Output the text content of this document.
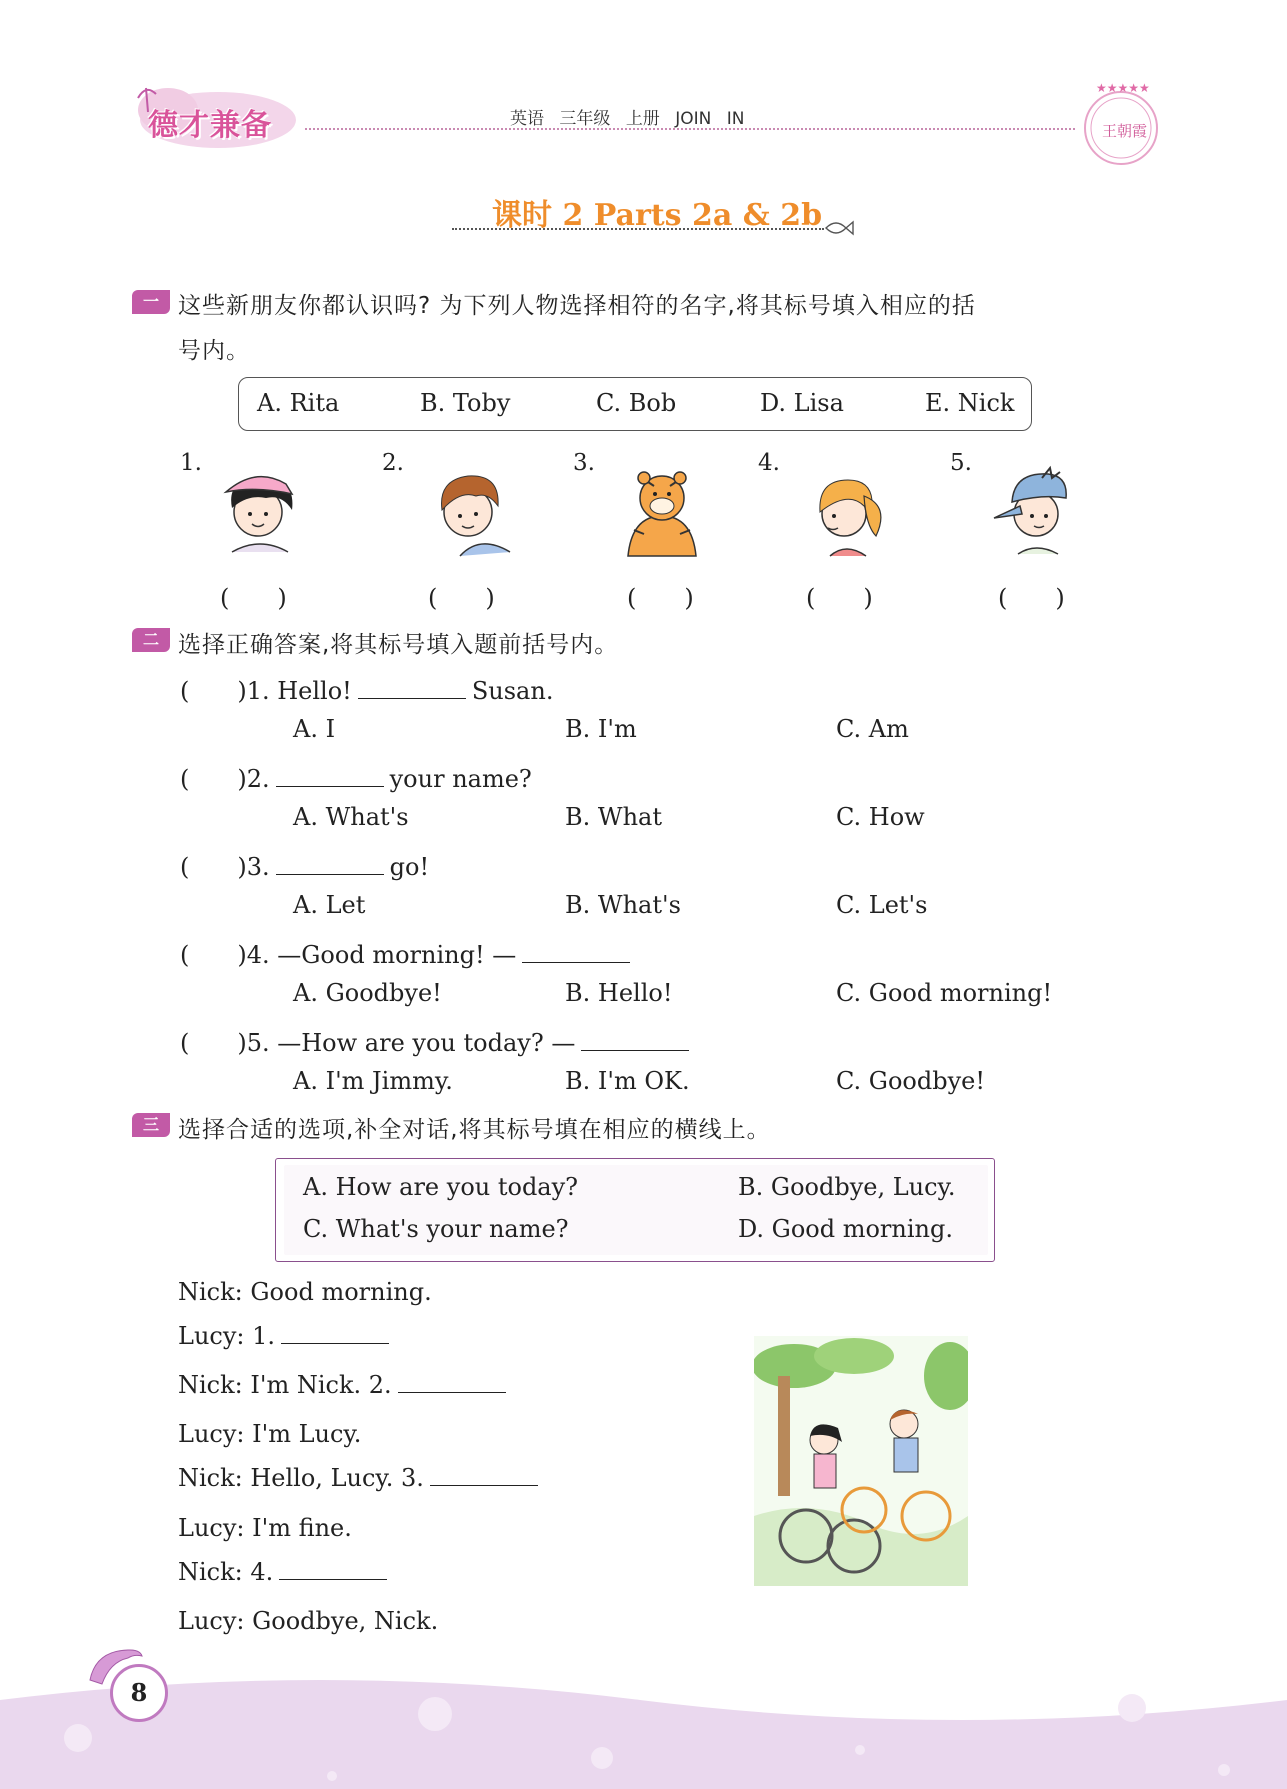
德才兼备	英语 三年级 上册 JOIN IN
★★★★★
王朝霞
课时 2 Parts 2a & 2b
一 这些新朋友你都认识吗? 为下列人物选择相符的名字,将其标号填入相应的括
号内。
A. Rita	B. Toby	C. Bob	D. Lisa	E. Nick
1.	2.	3.	4.	5.
(　　)	(　　)	(　　)	(　　)	(　　)
二 选择正确答案,将其标号填入题前括号内。
(　　)1. Hello!	Susan.
A. I	B. I'm	C. Am
(　　)2.	your name?
A. What's	B. What	C. How
(　　)3.	go!
A. Let	B. What's	C. Let's
(　　)4. —Good morning! —
A. Goodbye!	B. Hello!	C. Good morning!
(　　)5. —How are you today? —
A. I'm Jimmy.	B. I'm OK.	C. Goodbye!
三 选择合适的选项,补全对话,将其标号填在相应的横线上。
A. How are you today?	B. Goodbye, Lucy.
C. What's your name?	D. Good morning.
Nick: Good morning.
Lucy: 1.
Nick: I'm Nick. 2.
Lucy: I'm Lucy.
Nick: Hello, Lucy. 3.
Lucy: I'm fine.
Nick: 4.
Lucy: Goodbye, Nick.
8
